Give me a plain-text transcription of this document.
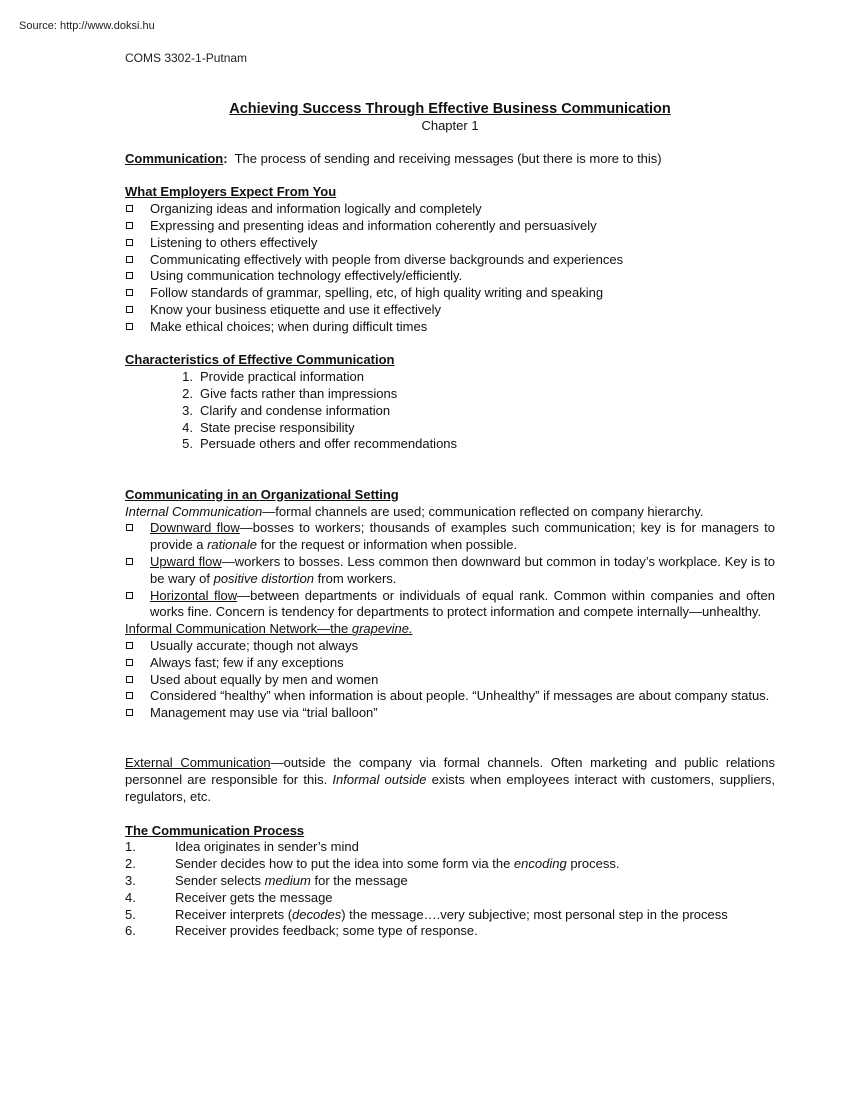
Source: http://www.doksi.hu
COMS 3302-1-Putnam
Achieving Success Through Effective Business Communication
Chapter 1
Communication: The process of sending and receiving messages (but there is more to this)
What Employers Expect From You
Organizing ideas and information logically and completely
Expressing and presenting ideas and information coherently and persuasively
Listening to others effectively
Communicating effectively with people from diverse backgrounds and experiences
Using communication technology effectively/efficiently.
Follow standards of grammar, spelling, etc, of high quality writing and speaking
Know your business etiquette and use it effectively
Make ethical choices; when during difficult times
Characteristics of Effective Communication
1. Provide practical information
2. Give facts rather than impressions
3. Clarify and condense information
4. State precise responsibility
5. Persuade others and offer recommendations
Communicating in an Organizational Setting
Internal Communication—formal channels are used; communication reflected on company hierarchy.
Downward flow—bosses to workers; thousands of examples such communication; key is for managers to provide a rationale for the request or information when possible.
Upward flow—workers to bosses. Less common then downward but common in today’s workplace. Key is to be wary of positive distortion from workers.
Horizontal flow—between departments or individuals of equal rank. Common within companies and often works fine. Concern is tendency for departments to protect information and compete internally—unhealthy.
Informal Communication Network—the grapevine.
Usually accurate; though not always
Always fast; few if any exceptions
Used about equally by men and women
Considered “healthy” when information is about people. “Unhealthy” if messages are about company status.
Management may use via “trial balloon”
External Communication—outside the company via formal channels. Often marketing and public relations personnel are responsible for this. Informal outside exists when employees interact with customers, suppliers, regulators, etc.
The Communication Process
1.	Idea originates in sender’s mind
2.	Sender decides how to put the idea into some form via the encoding process.
3.	Sender selects medium for the message
4.	Receiver gets the message
5.	Receiver interprets (decodes) the message….very subjective; most personal step in the process
6.	Receiver provides feedback; some type of response.
